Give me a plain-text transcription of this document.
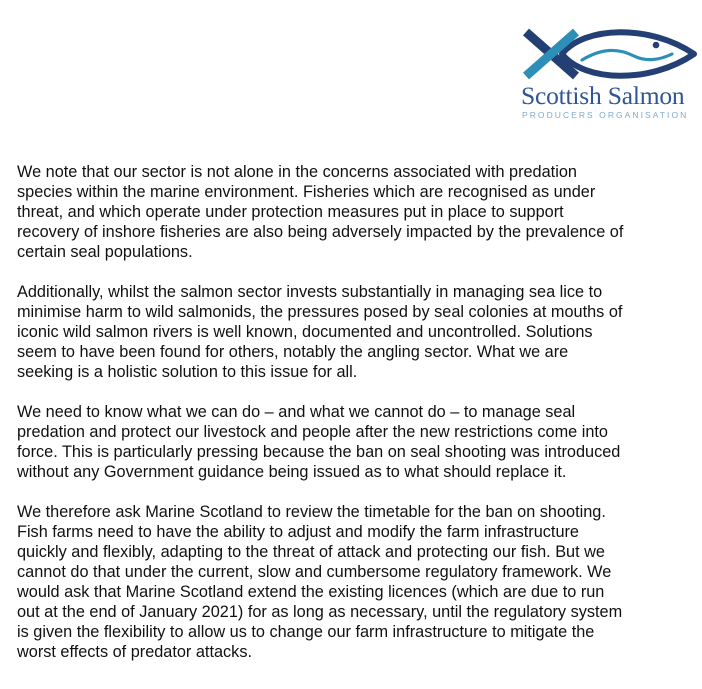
Scottish Salmon
PRODUCERS ORGANISATION

We note that our sector is not alone in the concerns associated with predation
species within the marine environment. Fisheries which are recognised as under
threat, and which operate under protection measures put in place to support
recovery of inshore fisheries are also being adversely impacted by the prevalence of
certain seal populations.

Additionally, whilst the salmon sector invests substantially in managing sea lice to
minimise harm to wild salmonids, the pressures posed by seal colonies at mouths of
iconic wild salmon rivers is well known, documented and uncontrolled. Solutions
seem to have been found for others, notably the angling sector. What we are
seeking is a holistic solution to this issue for all.

We need to know what we can do – and what we cannot do – to manage seal
predation and protect our livestock and people after the new restrictions come into
force. This is particularly pressing because the ban on seal shooting was introduced
without any Government guidance being issued as to what should replace it.

We therefore ask Marine Scotland to review the timetable for the ban on shooting.
Fish farms need to have the ability to adjust and modify the farm infrastructure
quickly and flexibly, adapting to the threat of attack and protecting our fish. But we
cannot do that under the current, slow and cumbersome regulatory framework. We
would ask that Marine Scotland extend the existing licences (which are due to run
out at the end of January 2021) for as long as necessary, until the regulatory system
is given the flexibility to allow us to change our farm infrastructure to mitigate the
worst effects of predator attacks.
